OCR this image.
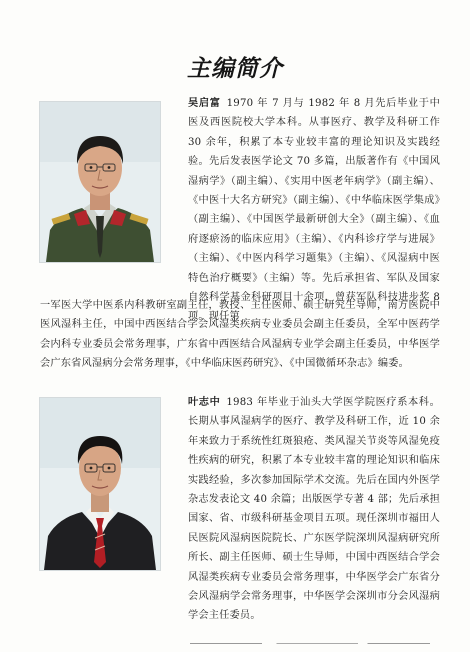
主编简介

吴启富 1970 年 7 月与 1982 年 8 月先后毕业于中医及西医院校大学本科。从事医疗、教学及科研工作 30 余年，积累了本专业较丰富的理论知识及实践经验。先后发表医学论文 70 多篇，出版著作有《中国风湿病学》（副主编）、《实用中医老年病学》（副主编）、《中医十大名方研究》（副主编）、《中华临床医学集成》（副主编）、《中国医学最新研创大全》（副主编）、《血府逐瘀汤的临床应用》（主编）、《内科诊疗学与进展》（主编）、《中医内科学习题集》（主编）、《风湿病中医特色治疗概要》（主编）等。先后承担省、军队及国家自然科学基金科研项目十余项，曾获军队科技进步奖 8 项。现任第

一军医大学中医系内科教研室副主任，教授、主任医师、硕士研究生导师，南方医院中医风湿科主任，中国中西医结合学会风湿类疾病专业委员会副主任委员，全军中医药学会内科专业委员会常务理事，广东省中西医结合风湿病专业学会副主任委员，中华医学会广东省风湿病分会常务理事，《中华临床医药研究》、《中国微循环杂志》编委。

叶志中 1983 年毕业于汕头大学医学院医疗系本科。长期从事风湿病学的医疗、教学及科研工作，近 10 余年来致力于系统性红斑狼疮、类风湿关节炎等风湿免疫性疾病的研究，积累了本专业较丰富的理论知识和临床实践经验，多次参加国际学术交流。先后在国内外医学杂志发表论文 40 余篇；出版医学专著 4 部；先后承担国家、省、市级科研基金项目五项。现任深圳市福田人民医院风湿病医院院长、广东医学院深圳风湿病研究所所长、副主任医师、硕士生导师，中国中西医结合学会风湿类疾病专业委员会常务理事，中华医学会广东省分会风湿病学会常务理事，中华医学会深圳市分会风湿病学会主任委员。
